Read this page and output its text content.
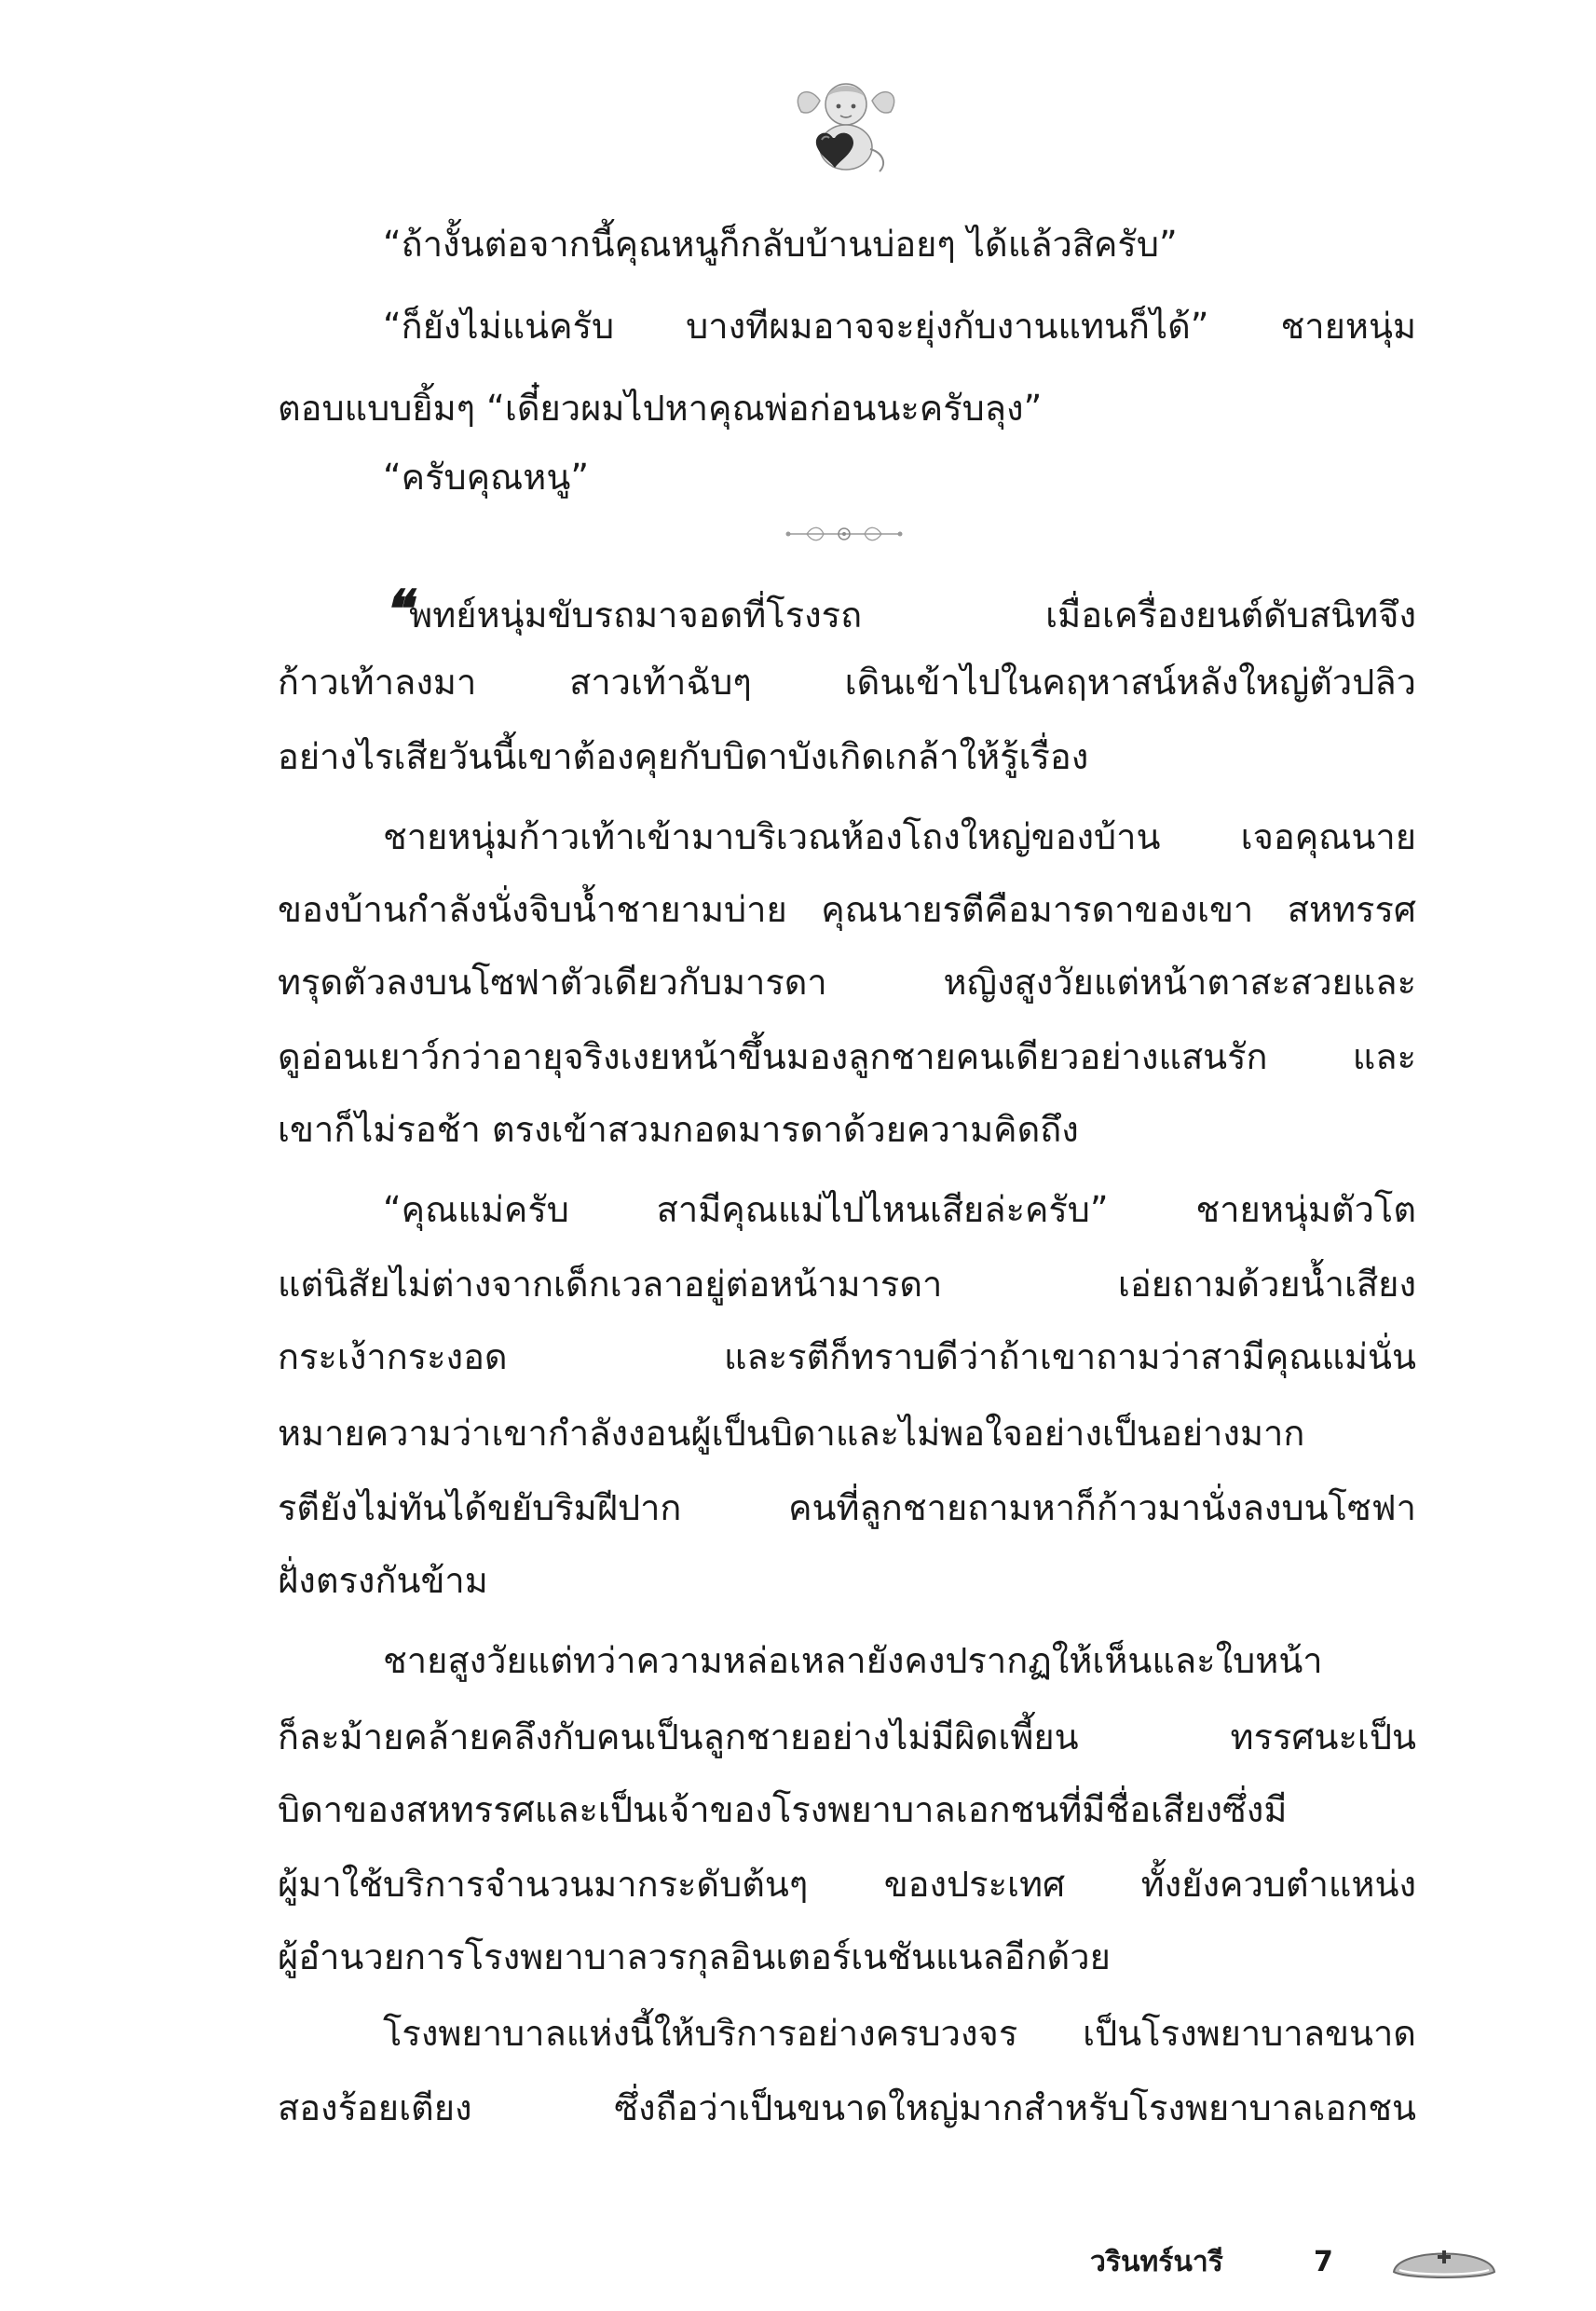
“ถ้างั้นต่อจากนี้คุณหนูก็กลับบ้านบ่อยๆ ได้แล้วสิครับ”
“ก็ยังไม่แน่ครับ บางทีผมอาจจะยุ่งกับงานแทนก็ได้” ชายหนุ่ม
ตอบแบบยิ้มๆ “เดี๋ยวผมไปหาคุณพ่อก่อนนะครับลุง”
“ครับคุณหนู”
❝ พทย์หนุ่มขับรถมาจอดที่โรงรถ เมื่อเครื่องยนต์ดับสนิทจึง
ก้าวเท้าลงมา สาวเท้าฉับๆ เดินเข้าไปในคฤหาสน์หลังใหญ่ตัวปลิว
อย่างไรเสียวันนี้เขาต้องคุยกับบิดาบังเกิดเกล้าให้รู้เรื่อง
ชายหนุ่มก้าวเท้าเข้ามาบริเวณห้องโถงใหญ่ของบ้าน เจอคุณนาย
ของบ้านกำลังนั่งจิบน้ำชายามบ่าย คุณนายรตีคือมารดาของเขา สหทรรศ
ทรุดตัวลงบนโซฟาตัวเดียวกับมารดา หญิงสูงวัยแต่หน้าตาสะสวยและ
ดูอ่อนเยาว์กว่าอายุจริงเงยหน้าขึ้นมองลูกชายคนเดียวอย่างแสนรัก และ
เขาก็ไม่รอช้า ตรงเข้าสวมกอดมารดาด้วยความคิดถึง
“คุณแม่ครับ สามีคุณแม่ไปไหนเสียล่ะครับ” ชายหนุ่มตัวโต
แต่นิสัยไม่ต่างจากเด็กเวลาอยู่ต่อหน้ามารดา เอ่ยถามด้วยน้ำเสียง
กระเง้ากระงอด และรตีก็ทราบดีว่าถ้าเขาถามว่าสามีคุณแม่นั่น
หมายความว่าเขากำลังงอนผู้เป็นบิดาและไม่พอใจอย่างเป็นอย่างมาก
รตียังไม่ทันได้ขยับริมฝีปาก คนที่ลูกชายถามหาก็ก้าวมานั่งลงบนโซฟา
ฝั่งตรงกันข้าม
ชายสูงวัยแต่ทว่าความหล่อเหลายังคงปรากฏให้เห็นและใบหน้า
ก็ละม้ายคล้ายคลึงกับคนเป็นลูกชายอย่างไม่มีผิดเพี้ยน ทรรศนะเป็น
บิดาของสหทรรศและเป็นเจ้าของโรงพยาบาลเอกชนที่มีชื่อเสียงซึ่งมี
ผู้มาใช้บริการจำนวนมากระดับต้นๆ ของประเทศ ทั้งยังควบตำแหน่ง
ผู้อำนวยการโรงพยาบาลวรกุลอินเตอร์เนชันแนลอีกด้วย
โรงพยาบาลแห่งนี้ให้บริการอย่างครบวงจร เป็นโรงพยาบาลขนาด
สองร้อยเตียง ซึ่งถือว่าเป็นขนาดใหญ่มากสำหรับโรงพยาบาลเอกชน
วรินทร์นารี	7
